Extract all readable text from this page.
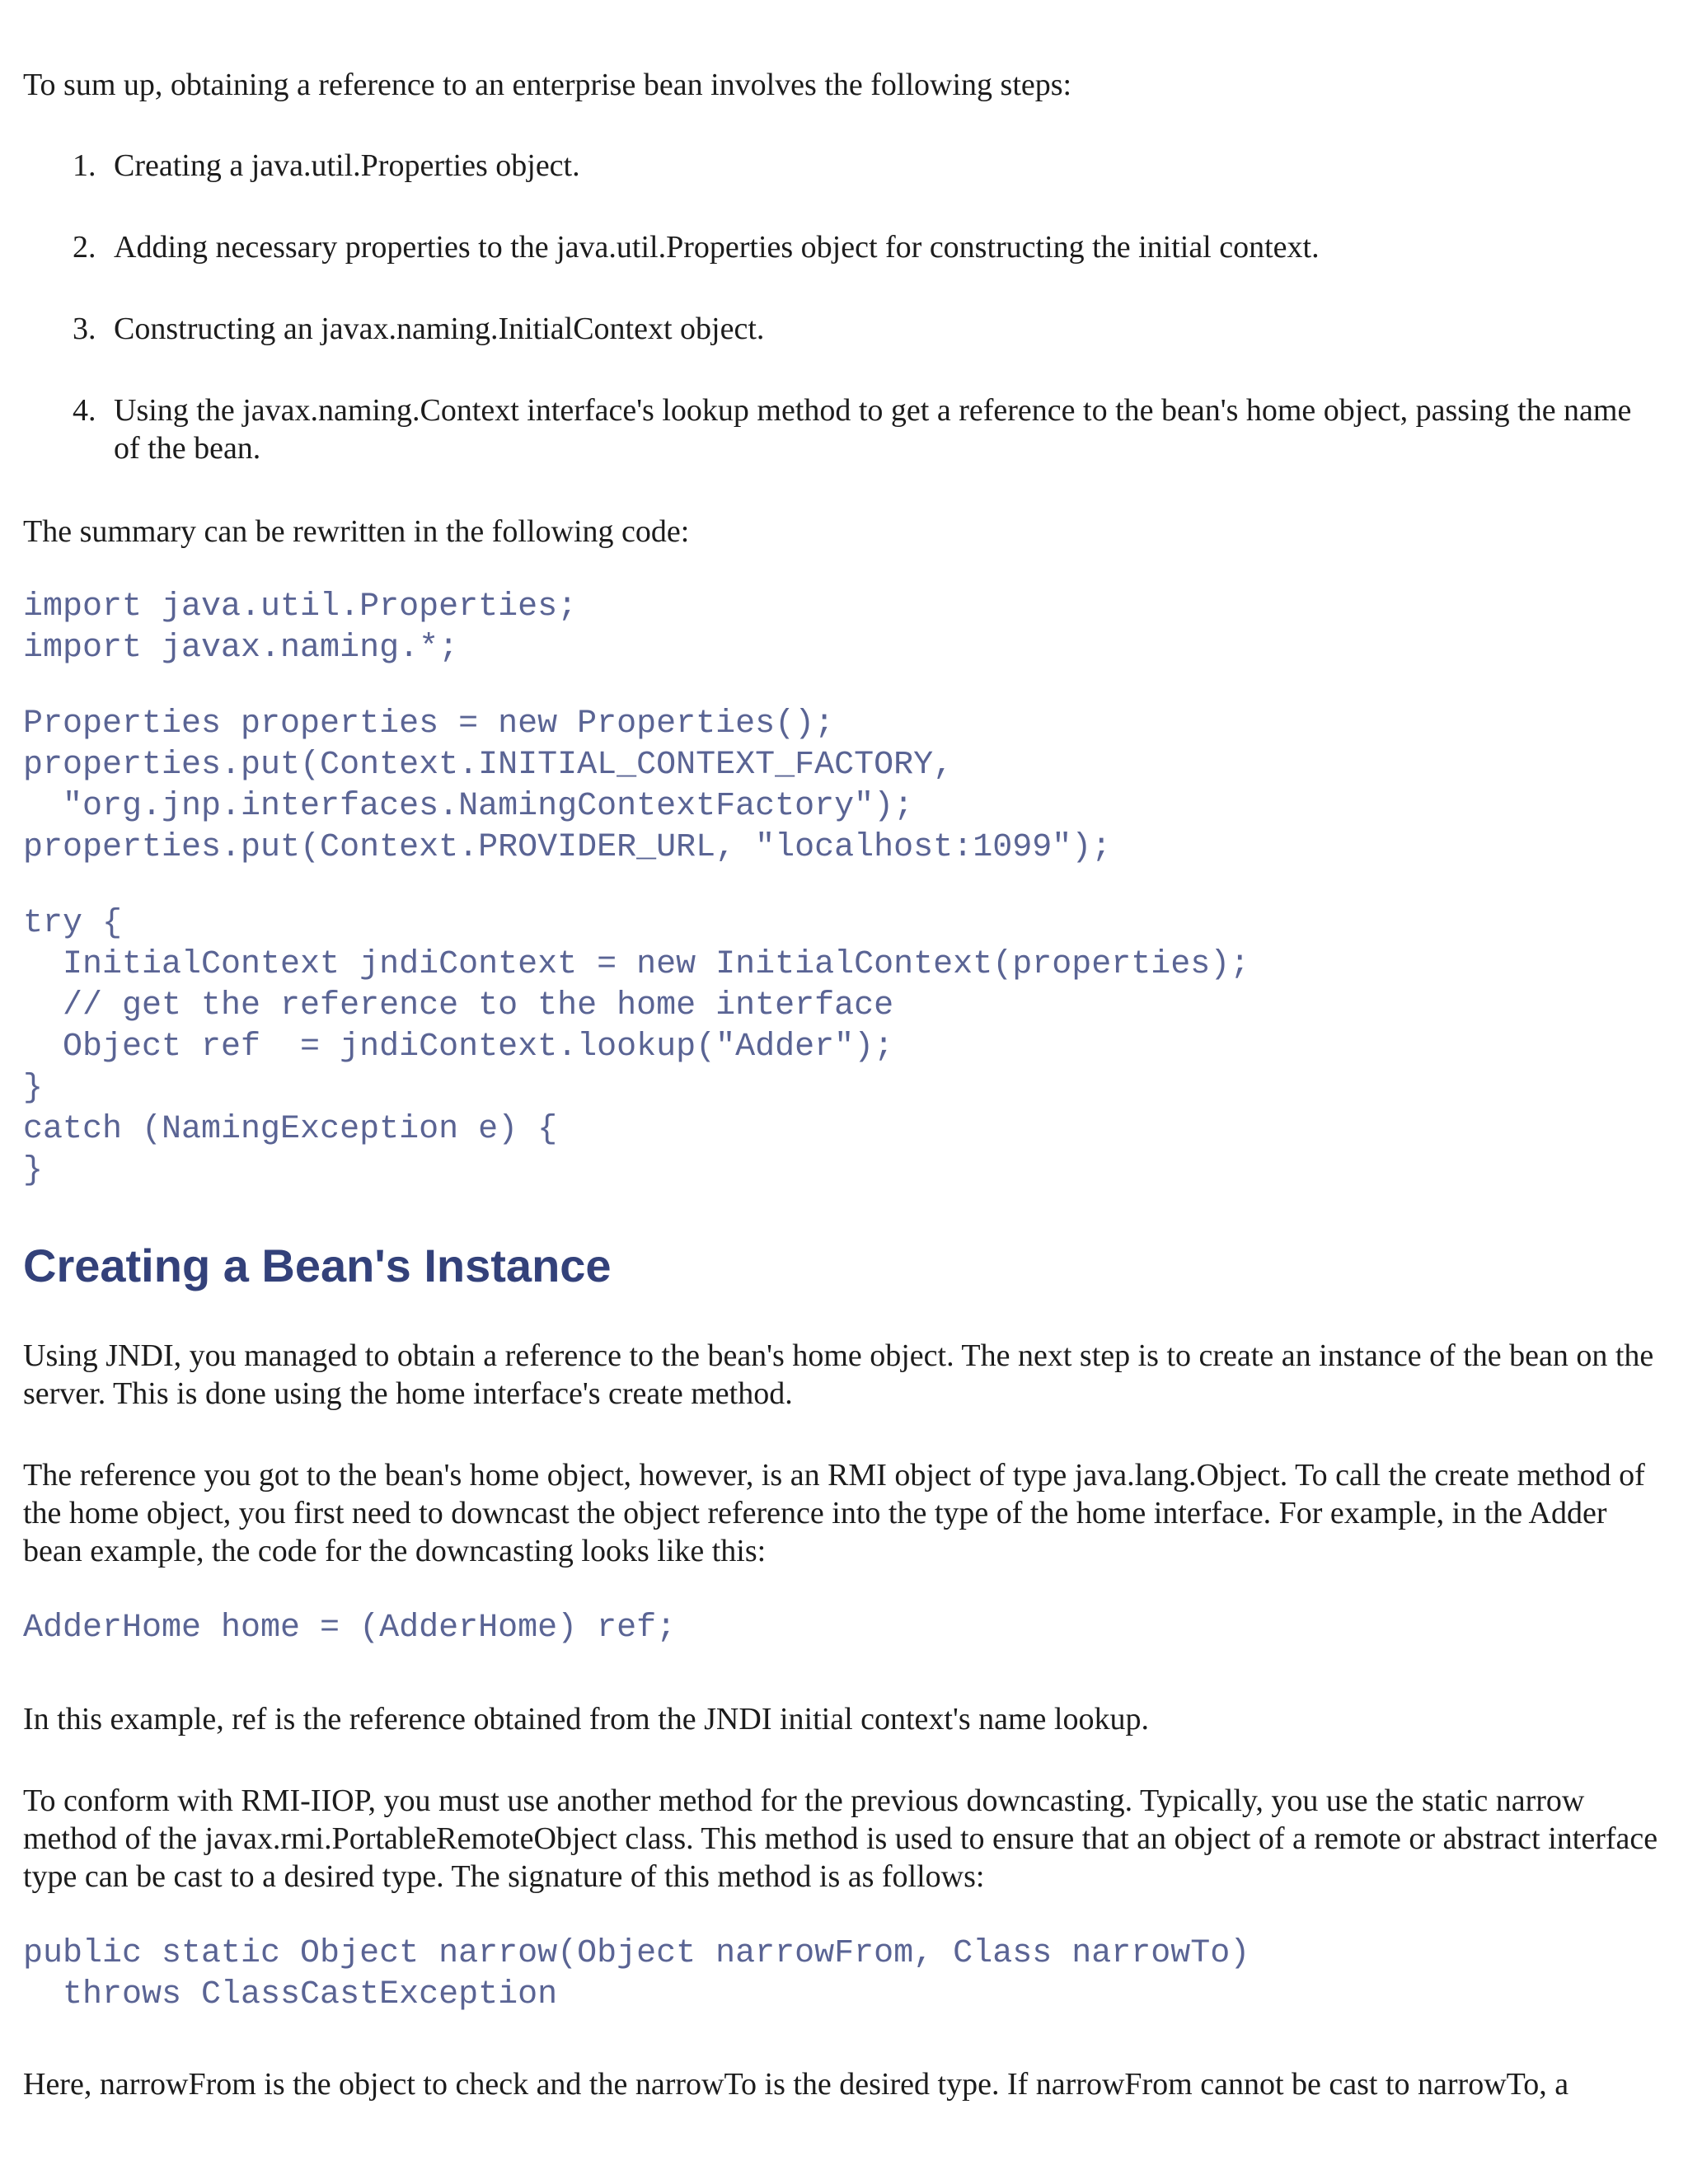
To sum up, obtaining a reference to an enterprise bean involves the following steps:

1. Creating a java.util.Properties object.
2. Adding necessary properties to the java.util.Properties object for constructing the initial context.
3. Constructing an javax.naming.InitialContext object.
4. Using the javax.naming.Context interface's lookup method to get a reference to the bean's home object, passing the name of the bean.

The summary can be rewritten in the following code:

import java.util.Properties;
import javax.naming.*;
Properties properties = new Properties();
properties.put(Context.INITIAL_CONTEXT_FACTORY,
"org.jnp.interfaces.NamingContextFactory");
properties.put(Context.PROVIDER_URL, "localhost:1099");
try {
InitialContext jndiContext = new InitialContext(properties);
// get the reference to the home interface
Object ref  = jndiContext.lookup("Adder");
}
catch (NamingException e) {
}
Creating a Bean's Instance

Using JNDI, you managed to obtain a reference to the bean's home object. The next step is to create an instance of the bean on the server. This is done using the home interface's create method.

The reference you got to the bean's home object, however, is an RMI object of type java.lang.Object. To call the create method of the home object, you first need to downcast the object reference into the type of the home interface. For example, in the Adder bean example, the code for the downcasting looks like this:

AdderHome home = (AdderHome) ref;

In this example, ref is the reference obtained from the JNDI initial context's name lookup.

To conform with RMI-IIOP, you must use another method for the previous downcasting. Typically, you use the static narrow method of the javax.rmi.PortableRemoteObject class. This method is used to ensure that an object of a remote or abstract interface type can be cast to a desired type. The signature of this method is as follows:

public static Object narrow(Object narrowFrom, Class narrowTo)
throws ClassCastException

Here, narrowFrom is the object to check and the narrowTo is the desired type. If narrowFrom cannot be cast to narrowTo, a
